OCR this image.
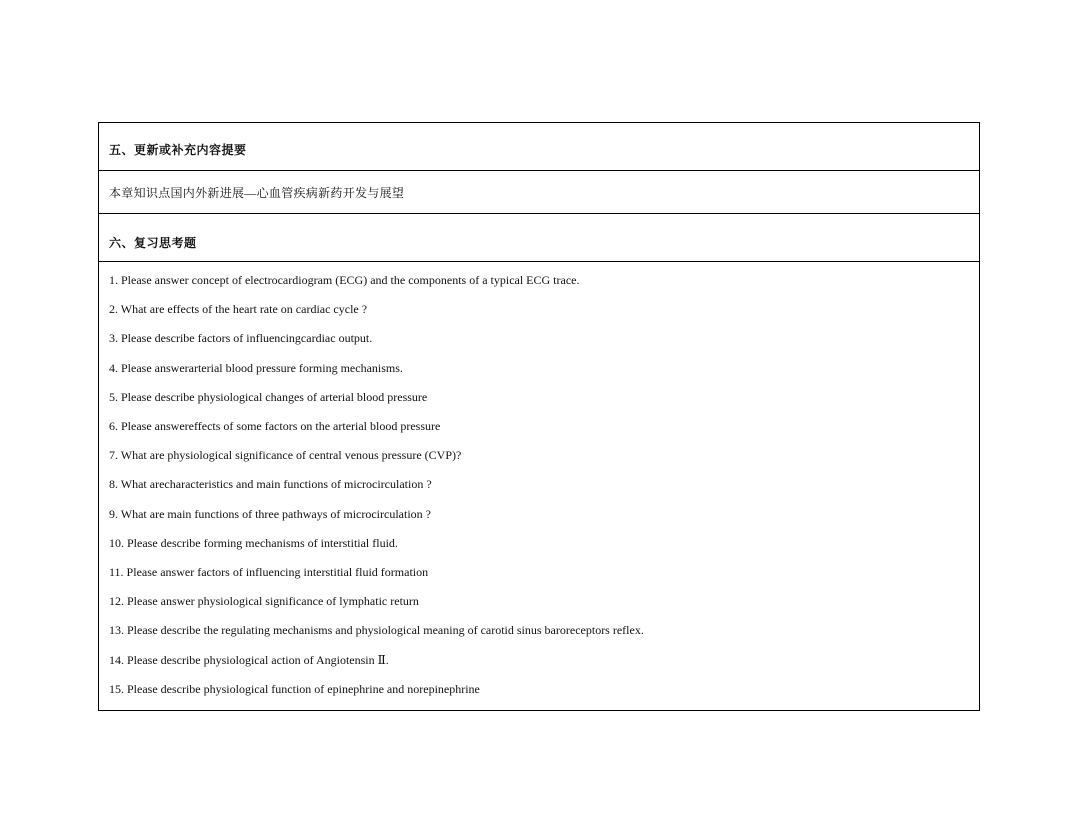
五、更新或补充内容提要
本章知识点国内外新进展—心血管疾病新药开发与展望
六、复习思考题
1. Please answer concept of electrocardiogram (ECG) and the components of a typical ECG trace.
2. What are effects of the heart rate on cardiac cycle ?
3. Please describe factors of influencingcardiac output.
4. Please answerarterial blood pressure forming mechanisms.
5. Please describe physiological changes of arterial blood pressure
6. Please answereffects of some factors on the arterial blood pressure
7. What are physiological significance of central venous pressure (CVP)?
8. What arecharacteristics and main functions of microcirculation ?
9. What are main functions of three pathways of microcirculation ?
10. Please describe forming mechanisms of interstitial fluid.
11. Please answer factors of influencing interstitial fluid formation
12. Please answer physiological significance of lymphatic return
13. Please describe the regulating mechanisms and physiological meaning of carotid sinus baroreceptors reflex.
14. Please describe physiological action of Angiotensin Ⅱ.
15. Please describe physiological function of epinephrine and norepinephrine
